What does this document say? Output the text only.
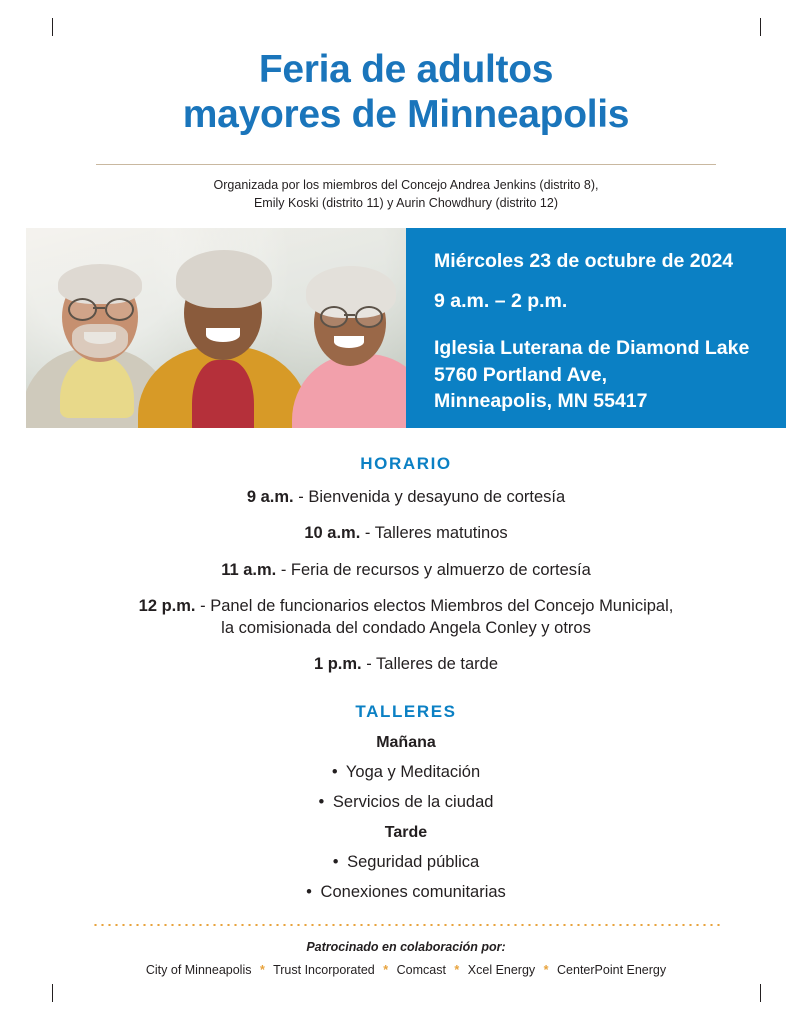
Feria de adultos
mayores de Minneapolis
Organizada por los miembros del Concejo Andrea Jenkins (distrito 8),
Emily Koski (distrito 11) y Aurin Chowdhury (distrito 12)
Miércoles 23 de octubre de 2024
9 a.m. – 2 p.m.
Iglesia Luterana de Diamond Lake
5760 Portland Ave,
Minneapolis, MN 55417
HORARIO
9 a.m. - Bienvenida y desayuno de cortesía
10 a.m. - Talleres matutinos
11 a.m. - Feria de recursos y almuerzo de cortesía
12 p.m. - Panel de funcionarios electos Miembros del Concejo Municipal,
la comisionada del condado Angela Conley y otros
1 p.m. - Talleres de tarde
TALLERES
Mañana
• Yoga y Meditación
• Servicios de la ciudad
Tarde
• Seguridad pública
• Conexiones comunitarias
Patrocinado en colaboración por:
City of Minneapolis * Trust Incorporated * Comcast * Xcel Energy * CenterPoint Energy
